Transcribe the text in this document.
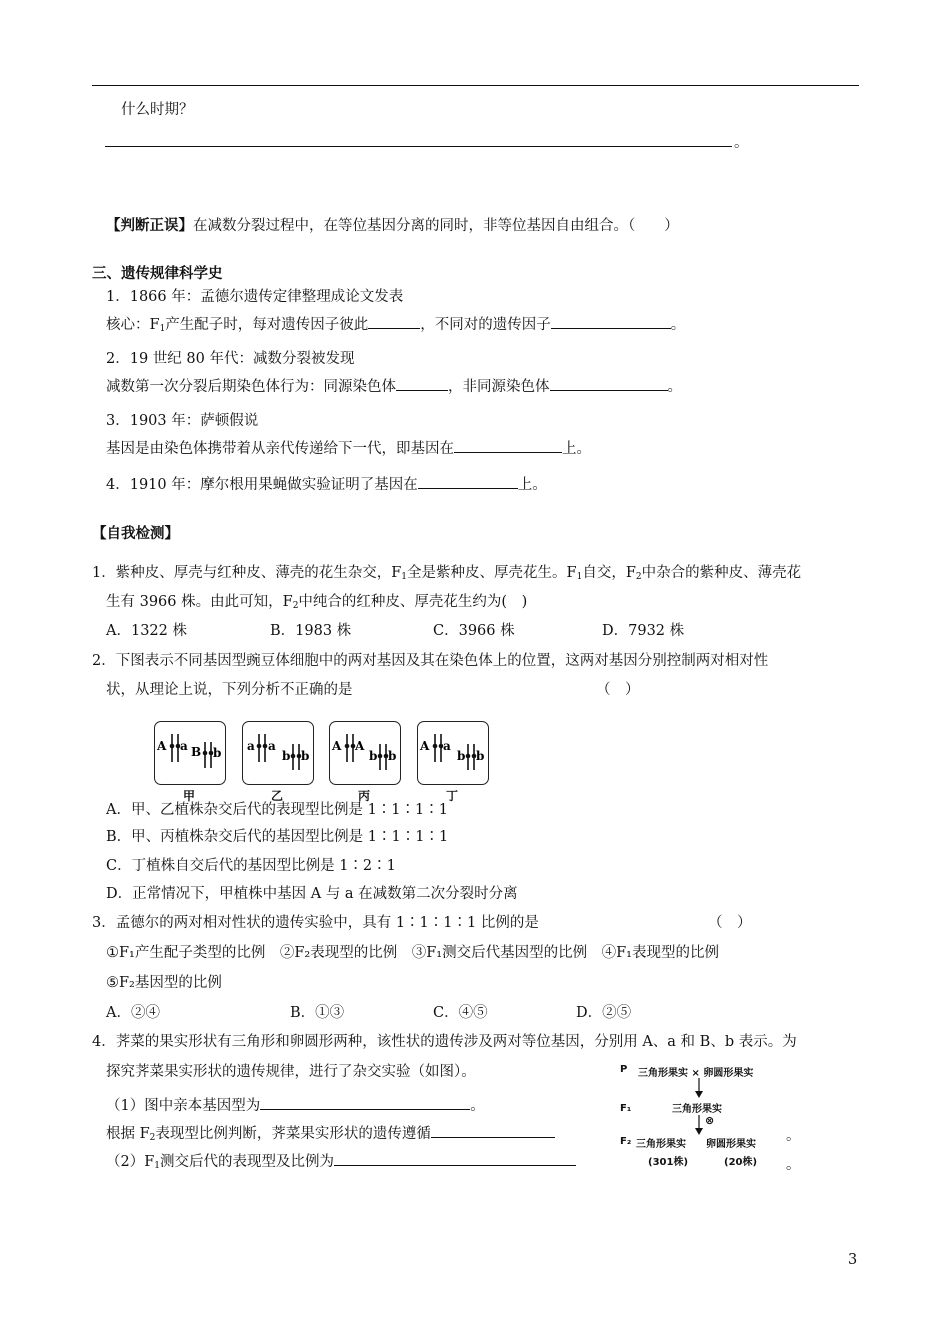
什么时期？
。
【判断正误】在减数分裂过程中，在等位基因分离的同时，非等位基因自由组合。（　　）
三、遗传规律科学史
1．1866 年：孟德尔遗传定律整理成论文发表
核心：$F_1$产生配子时，每对遗传因子彼此	，不同对的遗传因子	。
2．19 世纪 80 年代：减数分裂被发现
减数第一次分裂后期染色体行为：同源染色体	，非同源染色体	。
3．1903 年：萨顿假说
基因是由染色体携带着从亲代传递给下一代，即基因在	上。
4．1910 年：摩尔根用果蝇做实验证明了基因在	上。
【自我检测】
1．紫种皮、厚壳与红种皮、薄壳的花生杂交，$F_1$全是紫种皮、厚壳花生。$F_1$自交，$F_2$中杂合的紫种皮、薄壳花
生有 3966 株。由此可知，$F_2$中纯合的红种皮、厚壳花生约为(　)
A．1322 株	B．1983 株	C．3966 株	D．7932 株
2．下图表示不同基因型豌豆体细胞中的两对基因及其在染色体上的位置，这两对基因分别控制两对相对性
状，从理论上说，下列分析不正确的是	（　）
A a B b
甲
a a
b b
乙
A A
b b
丙
A a
b b
丁
A．甲、乙植株杂交后代的表现型比例是 1∶1∶1∶1
B．甲、丙植株杂交后代的基因型比例是 1∶1∶1∶1
C．丁植株自交后代的基因型比例是 1∶2∶1
D．正常情况下，甲植株中基因 A 与 a 在减数第二次分裂时分离
3．孟德尔的两对相对性状的遗传实验中，具有 1∶1∶1∶1 比例的是	（　）
①F₁产生配子类型的比例　②F₂表现型的比例　③F₁测交后代基因型的比例　④F₁表现型的比例
⑤F₂基因型的比例
A．②④	B．①③	C．④⑤	D．②⑤
4．荠菜的果实形状有三角形和卵圆形两种，该性状的遗传涉及两对等位基因，分别用 A、a 和 B、b 表示。为
探究荠菜果实形状的遗传规律，进行了杂交实验（如图）。
（1）图中亲本基因型为	。
根据 $F_2$表现型比例判断，荠菜果实形状的遗传遵循	。
$(2)F_1$测交后代的表现型及比例为	。
P 三角形果实 × 卵圆形果实
F₁	三角形果实
⊗
F₂ 三角形果实 卵圆形果实
(301株)	(20株)
3
